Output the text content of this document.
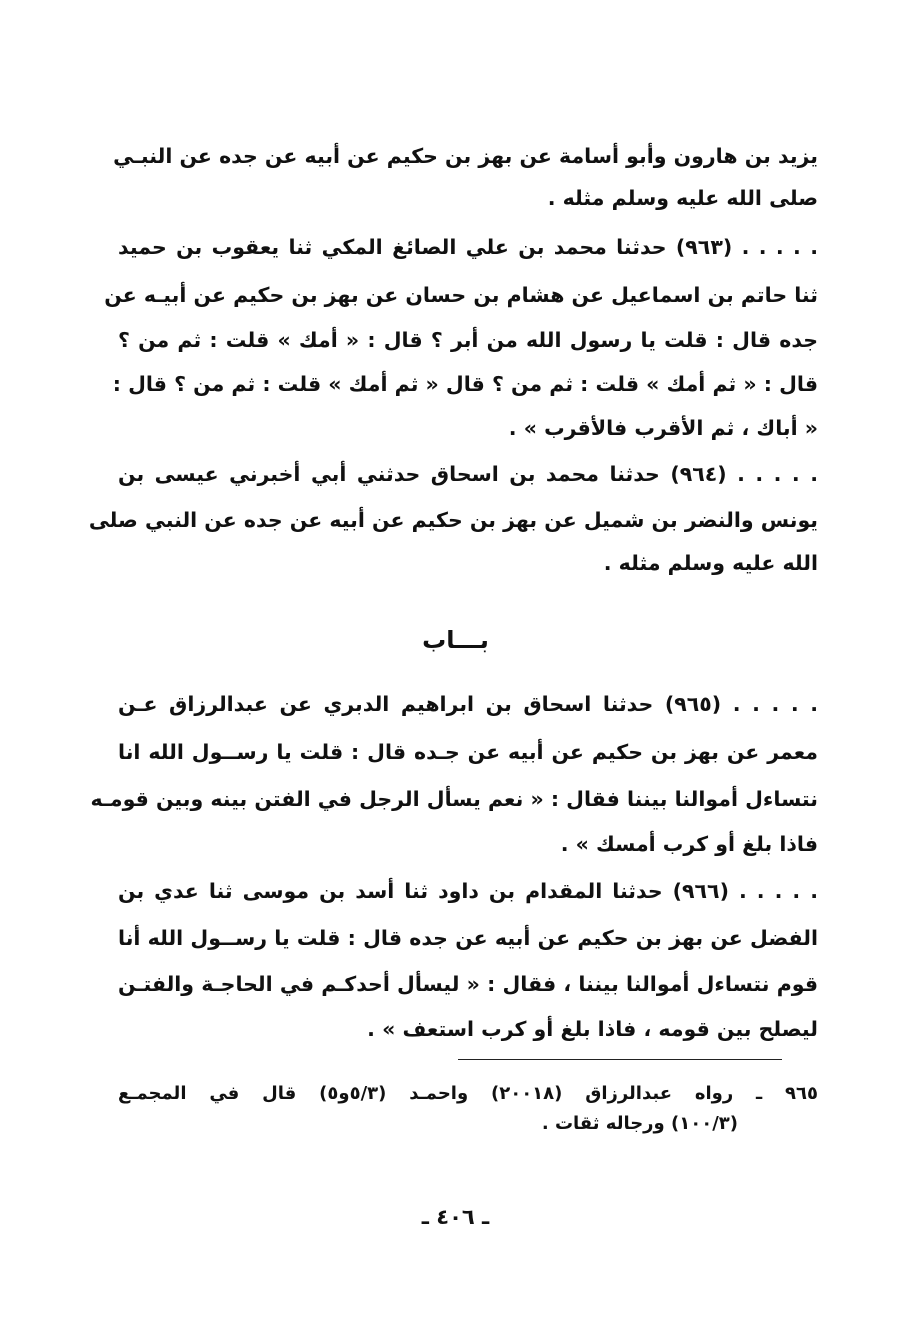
يزيد بن هارون وأبو أسامة عن بهز بن حكيم عن أبيه عن جده عن النبـي
صلى الله عليه وسلم مثله .
. . . . . (٩٦٣) حدثنا محمد بن علي الصائغ المكي ثنا يعقوب بن حميد
ثنا حاتم بن اسماعيل عن هشام بن حسان عن بهز بن حكيم عن أبيـه عن
جده قال : قلت يا رسول الله من أبر ؟ قال : « أمك » قلت : ثم من ؟
قال : « ثم أمك » قلت : ثم من ؟ قال « ثم أمك » قلت : ثم من ؟ قال :
« أباك ، ثم الأقرب فالأقرب » .
. . . . . (٩٦٤) حدثنا محمد بن اسحاق حدثني أبي أخبرني عيسى بن
يونس والنضر بن شميل عن بهز بن حكيم عن أبيه عن جده عن النبي صلى
الله عليه وسلم مثله .
بـــاب
. . . . . (٩٦٥) حدثنا اسحاق بن ابراهيم الدبري عن عبدالرزاق عـن
معمر عن بهز بن حكيم عن أبيه عن جـده قال : قلت يا رســول الله انا
نتساءل أموالنا بيننا فقال : « نعم يسأل الرجل في الفتن بينه وبين قومـه
فاذا بلغ أو كرب أمسك » .
. . . . . (٩٦٦) حدثنا المقدام بن داود ثنا أسد بن موسى ثنا عدي بن
الفضل عن بهز بن حكيم عن أبيه عن جده قال : قلت يا رســول الله أنا
قوم نتساءل أموالنا بيننا ، فقال : « ليسأل أحدكـم في الحاجـة والفتـن
ليصلح بين قومه ، فاذا بلغ أو كرب استعف » .
٩٦٥ ـ رواه عبدالرزاق (٢٠٠١٨) واحمـد (٥/٣و٥) قال في المجمـع
(١٠٠/٣) ورجاله ثقات .
ـ ٤٠٦ ـ
